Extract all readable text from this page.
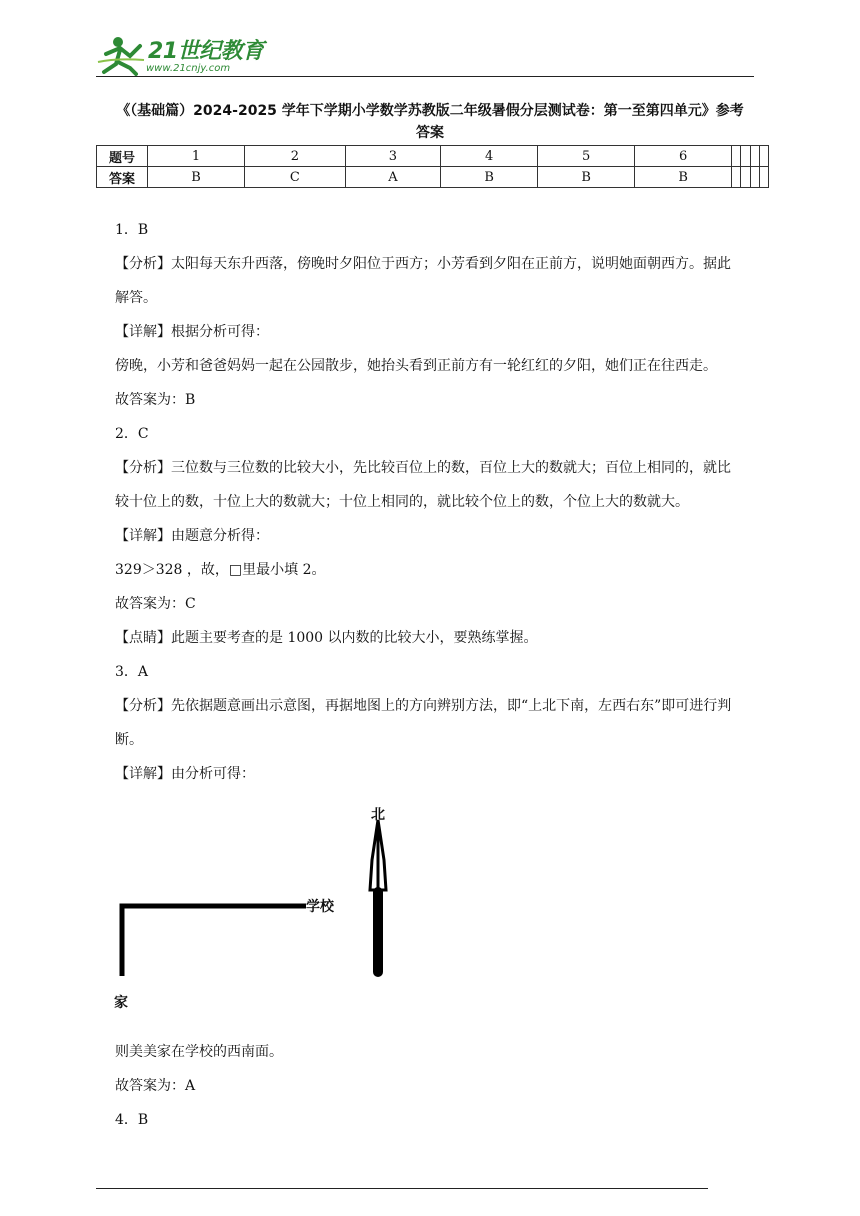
21世纪教育
www.21cnjy.com
《（基础篇）2024-2025 学年下学期小学数学苏教版二年级暑假分层测试卷：第一至第四单元》参考
答案
题号	1	2	3	4	5	6				
答案	B	C	A	B	B	B				
1．B
【分析】太阳每天东升西落，傍晚时夕阳位于西方；小芳看到夕阳在正前方，说明她面朝西方。据此
解答。
【详解】根据分析可得：
傍晚，小芳和爸爸妈妈一起在公园散步，她抬头看到正前方有一轮红红的夕阳，她们正在往西走。
故答案为：B
2．C
【分析】三位数与三位数的比较大小，先比较百位上的数，百位上大的数就大；百位上相同的，就比
较十位上的数，十位上大的数就大；十位上相同的，就比较个位上的数，个位上大的数就大。
【详解】由题意分析得：
329＞328 ，故，□里最小填 2。
故答案为：C
【点睛】此题主要考查的是 1000 以内数的比较大小，要熟练掌握。
3．A
【分析】先依据题意画出示意图，再据地图上的方向辨别方法，即“上北下南，左西右东”即可进行判
断。
【详解】由分析可得：
北
学校
家
则美美家在学校的西南面。
故答案为：A
4．B
